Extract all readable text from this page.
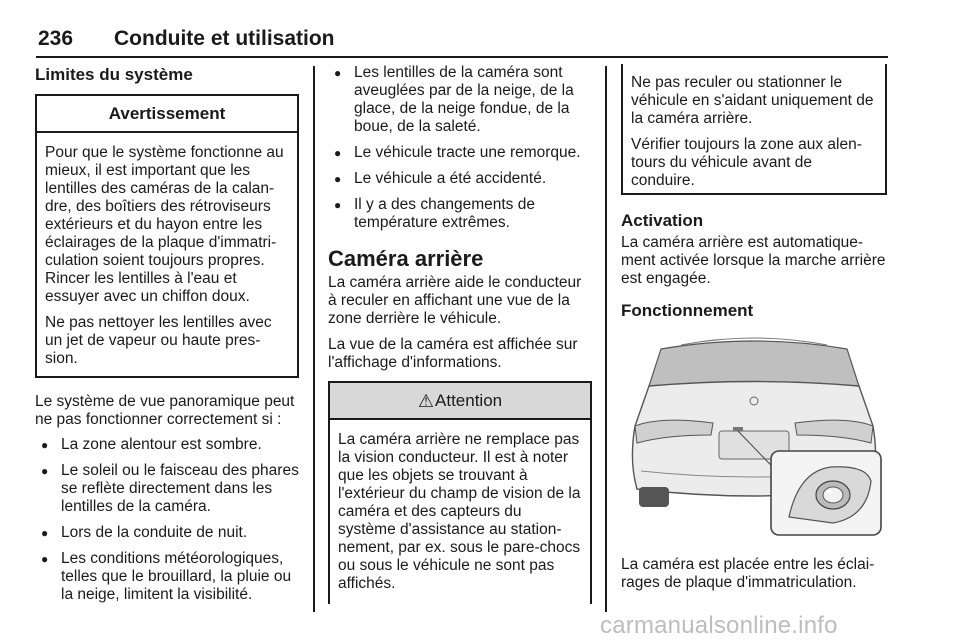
236 Conduite et utilisation
Limites du système
Avertissement

Pour que le système fonctionne au mieux, il est important que les lentilles des caméras de la calan-dre, des boîtiers des rétroviseurs extérieurs et du hayon entre les éclairages de la plaque d'immatri-culation soient toujours propres. Rincer les lentilles à l'eau et essuyer avec un chiffon doux.

Ne pas nettoyer les lentilles avec un jet de vapeur ou haute pres-sion.

Le système de vue panoramique peut ne pas fonctionner correctement si :

● La zone alentour est sombre.
● Le soleil ou le faisceau des phares se reflète directement dans les lentilles de la caméra.
● Lors de la conduite de nuit.
● Les conditions météorologiques, telles que le brouillard, la pluie ou la neige, limitent la visibilité.
● Les lentilles de la caméra sont aveuglées par de la neige, de la glace, de la neige fondue, de la boue, de la saleté.
● Le véhicule tracte une remorque.
● Le véhicule a été accidenté.
● Il y a des changements de température extrêmes.
Caméra arrière

La caméra arrière aide le conducteur à reculer en affichant une vue de la zone derrière le véhicule.

La vue de la caméra est affichée sur l'affichage d'informations.

⚠Attention

La caméra arrière ne remplace pas la vision conducteur. Il est à noter que les objets se trouvant à l'extérieur du champ de vision de la caméra et des capteurs du système d'assistance au station-nement, par ex. sous le pare-chocs ou sous le véhicule ne sont pas affichés.

Ne pas reculer ou stationner le véhicule en s'aidant uniquement de la caméra arrière.

Vérifier toujours la zone aux alen-tours du véhicule avant de conduire.

Activation

La caméra arrière est automatique-ment activée lorsque la marche arrière est engagée.

Fonctionnement

La caméra est placée entre les éclai-rages de plaque d'immatriculation.

carmanualsonline.info
